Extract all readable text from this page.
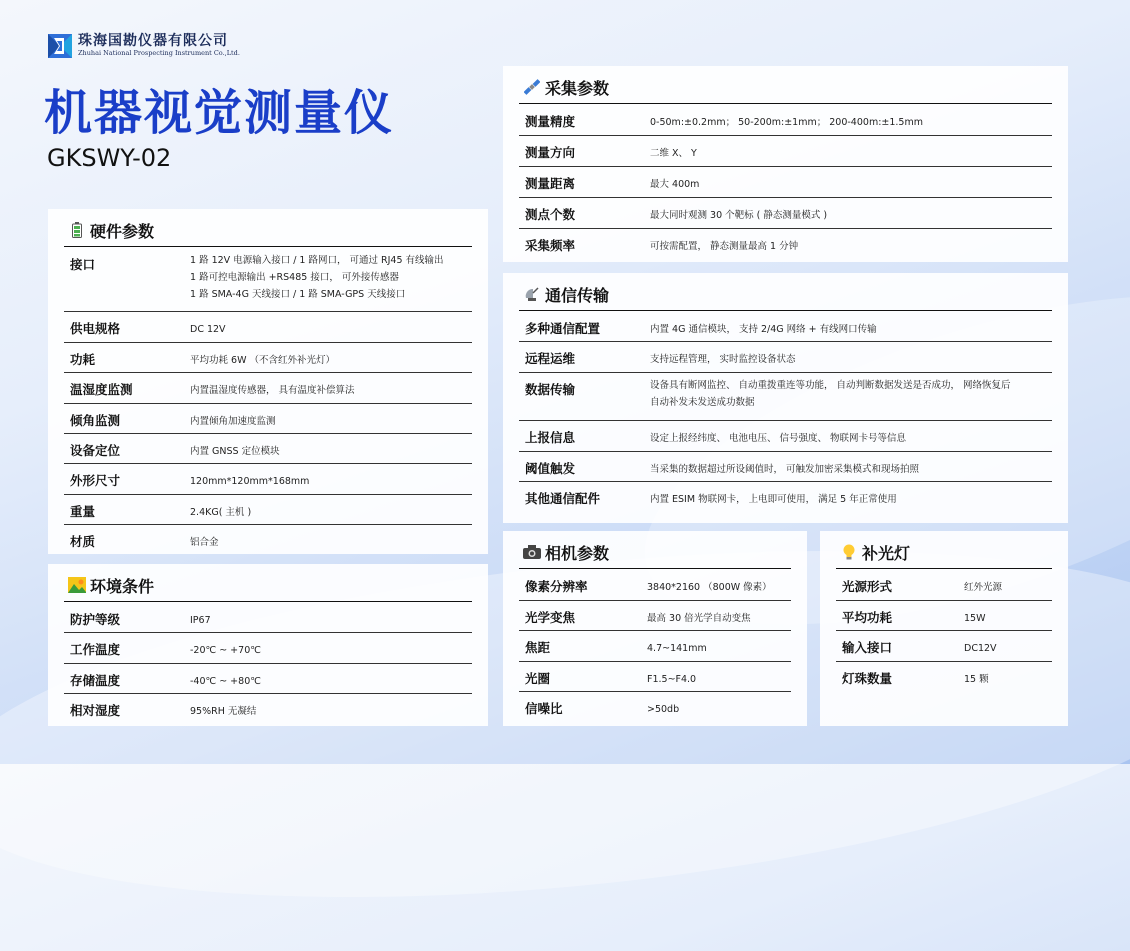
珠海国勘仪器有限公司
Zhuhai National Prospecting Instrument Co.,Ltd.
机器视觉测量仪
GKSWY-02
硬件参数
接口	1 路 12V 电源输入接口 / 1 路网口， 可通过 RJ45 有线输出
1 路可控电源输出 +RS485 接口， 可外接传感器
1 路 SMA-4G 天线接口 / 1 路 SMA-GPS 天线接口
供电规格	DC 12V
功耗	平均功耗 6W （不含红外补光灯）
温湿度监测	内置温湿度传感器， 具有温度补偿算法
倾角监测	内置倾角加速度监测
设备定位	内置 GNSS 定位模块
外形尺寸	120mm*120mm*168mm
重量	2.4KG( 主机 )
材质	铝合金
环境条件
防护等级	IP67
工作温度	-20℃ ~ +70℃
存储温度	-40℃ ~ +80℃
相对湿度	95%RH 无凝结
采集参数
测量精度	0-50m:±0.2mm； 50-200m:±1mm； 200-400m:±1.5mm
测量方向	二维 X、 Y
测量距离	最大 400m
测点个数	最大同时观测 30 个靶标 ( 静态测量模式 )
采集频率	可按需配置， 静态测量最高 1 分钟
通信传输
多种通信配置	内置 4G 通信模块， 支持 2/4G 网络 + 有线网口传输
远程运维	支持远程管理， 实时监控设备状态
数据传输	设备具有断网监控、 自动重拨重连等功能， 自动判断数据发送是否成功， 网络恢复后
自动补发未发送成功数据
上报信息	设定上报经纬度、 电池电压、 信号强度、 物联网卡号等信息
阈值触发	当采集的数据超过所设阈值时， 可触发加密采集模式和现场拍照
其他通信配件	内置 ESIM 物联网卡， 上电即可使用， 满足 5 年正常使用
相机参数
像素分辨率	3840*2160 （800W 像素）
光学变焦	最高 30 倍光学自动变焦
焦距	4.7~141mm
光圈	F1.5~F4.0
信噪比	>50db
补光灯
光源形式	红外光源
平均功耗	15W
输入接口	DC12V
灯珠数量	15 颗
